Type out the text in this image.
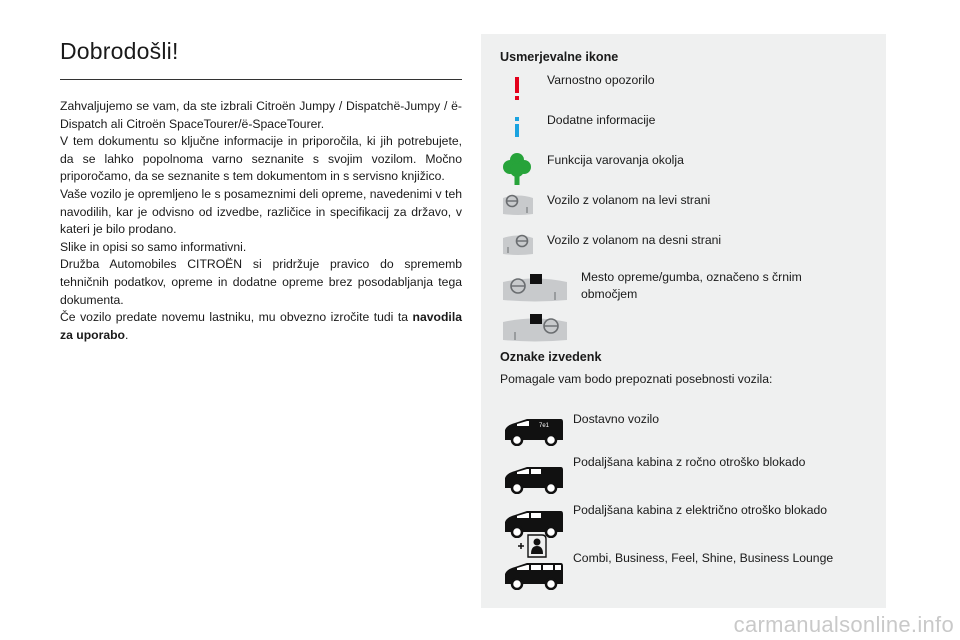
Dobrodošli!

Zahvaljujemo se vam, da ste izbrali Citroën Jumpy / Dispatchë-Jumpy / ë-Dispatch ali Citroën SpaceTourer/ë-SpaceTourer.

V tem dokumentu so ključne informacije in priporočila, ki jih potrebujete, da se lahko popolnoma varno seznanite s svojim vozilom. Močno priporočamo, da se seznanite s tem dokumentom in s servisno knjižico.

Vaše vozilo je opremljeno le s posameznimi deli opreme, navedenimi v teh navodilih, kar je odvisno od izvedbe, različice in specifikacij za državo, v kateri je bilo prodano.

Slike in opisi so samo informativni.

Družba Automobiles CITROËN si pridržuje pravico do sprememb tehničnih podatkov, opreme in dodatne opreme brez posodabljanja tega dokumenta.

Če vozilo predate novemu lastniku, mu obvezno izročite tudi ta navodila za uporabo.

Usmerjevalne ikone
Varnostno opozorilo
Dodatne informacije
Funkcija varovanja okolja
Vozilo z volanom na levi strani
Vozilo z volanom na desni strani
Mesto opreme/gumba, označeno s črnim območjem
Oznake izvedenk
Pomagale vam bodo prepoznati posebnosti vozila:
7e1 Dostavno vozilo
Podaljšana kabina z ročno otroško blokado
Podaljšana kabina z električno otroško blokado
Combi, Business, Feel, Shine, Business Lounge
carmanualsonline.info
